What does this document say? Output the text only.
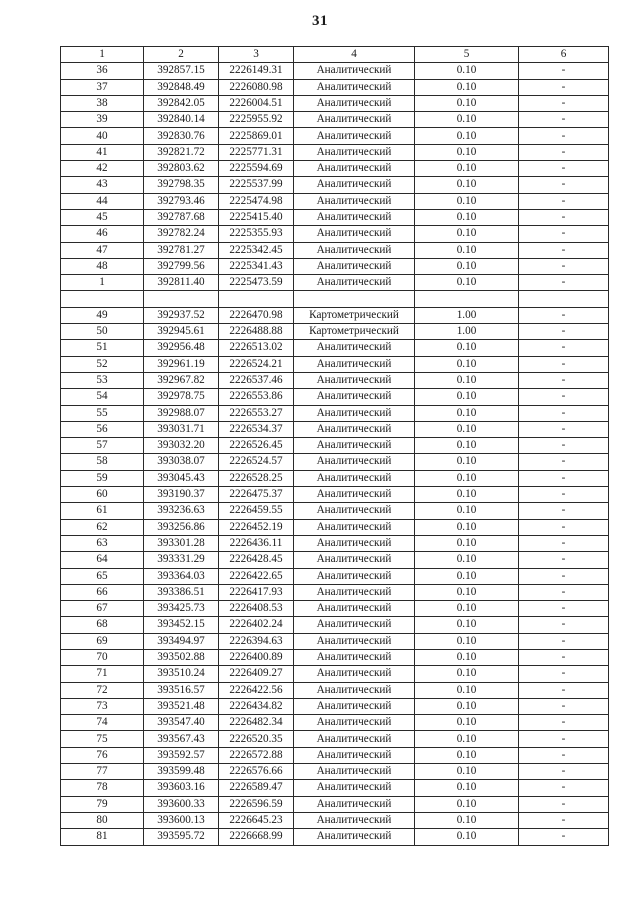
31
1	2	3	4	5	6
36	392857.15	2226149.31	Аналитический	0.10	-
37	392848.49	2226080.98	Аналитический	0.10	-
38	392842.05	2226004.51	Аналитический	0.10	-
39	392840.14	2225955.92	Аналитический	0.10	-
40	392830.76	2225869.01	Аналитический	0.10	-
41	392821.72	2225771.31	Аналитический	0.10	-
42	392803.62	2225594.69	Аналитический	0.10	-
43	392798.35	2225537.99	Аналитический	0.10	-
44	392793.46	2225474.98	Аналитический	0.10	-
45	392787.68	2225415.40	Аналитический	0.10	-
46	392782.24	2225355.93	Аналитический	0.10	-
47	392781.27	2225342.45	Аналитический	0.10	-
48	392799.56	2225341.43	Аналитический	0.10	-
1	392811.40	2225473.59	Аналитический	0.10	-

49	392937.52	2226470.98	Картометрический	1.00	-
50	392945.61	2226488.88	Картометрический	1.00	-
51	392956.48	2226513.02	Аналитический	0.10	-
52	392961.19	2226524.21	Аналитический	0.10	-
53	392967.82	2226537.46	Аналитический	0.10	-
54	392978.75	2226553.86	Аналитический	0.10	-
55	392988.07	2226553.27	Аналитический	0.10	-
56	393031.71	2226534.37	Аналитический	0.10	-
57	393032.20	2226526.45	Аналитический	0.10	-
58	393038.07	2226524.57	Аналитический	0.10	-
59	393045.43	2226528.25	Аналитический	0.10	-
60	393190.37	2226475.37	Аналитический	0.10	-
61	393236.63	2226459.55	Аналитический	0.10	-
62	393256.86	2226452.19	Аналитический	0.10	-
63	393301.28	2226436.11	Аналитический	0.10	-
64	393331.29	2226428.45	Аналитический	0.10	-
65	393364.03	2226422.65	Аналитический	0.10	-
66	393386.51	2226417.93	Аналитический	0.10	-
67	393425.73	2226408.53	Аналитический	0.10	-
68	393452.15	2226402.24	Аналитический	0.10	-
69	393494.97	2226394.63	Аналитический	0.10	-
70	393502.88	2226400.89	Аналитический	0.10	-
71	393510.24	2226409.27	Аналитический	0.10	-
72	393516.57	2226422.56	Аналитический	0.10	-
73	393521.48	2226434.82	Аналитический	0.10	-
74	393547.40	2226482.34	Аналитический	0.10	-
75	393567.43	2226520.35	Аналитический	0.10	-
76	393592.57	2226572.88	Аналитический	0.10	-
77	393599.48	2226576.66	Аналитический	0.10	-
78	393603.16	2226589.47	Аналитический	0.10	-
79	393600.33	2226596.59	Аналитический	0.10	-
80	393600.13	2226645.23	Аналитический	0.10	-
81	393595.72	2226668.99	Аналитический	0.10	-
